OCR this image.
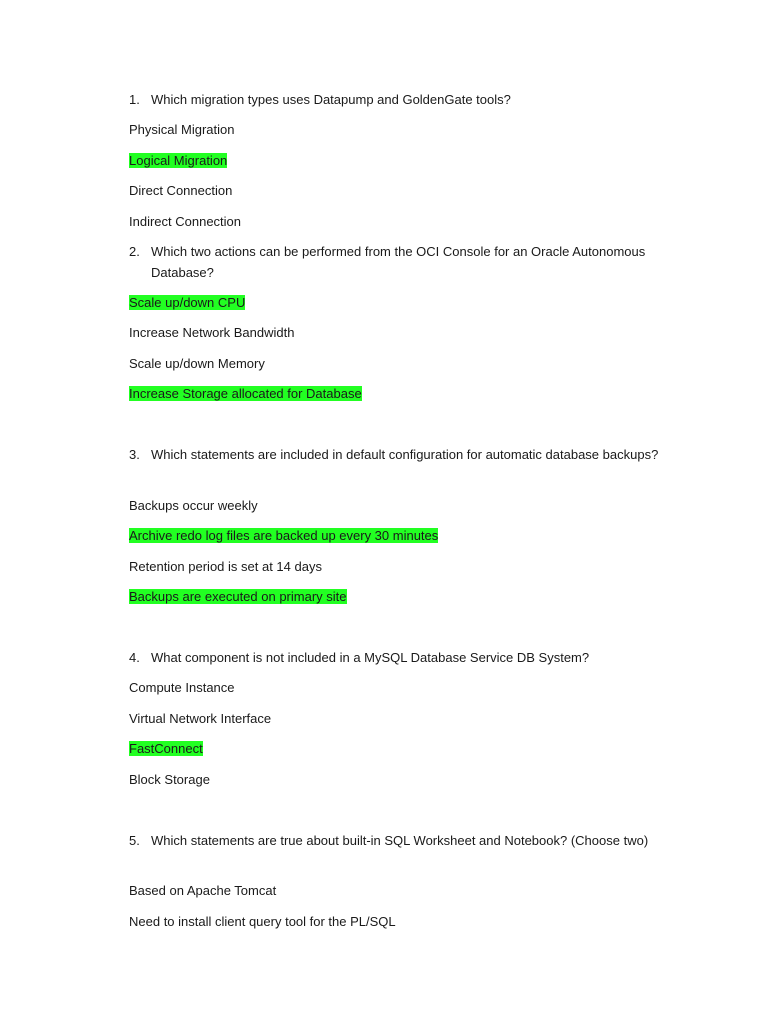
1. Which migration types uses Datapump and GoldenGate tools?
Physical Migration
Logical Migration
Direct Connection
Indirect Connection
2. Which two actions can be performed from the OCI Console for an Oracle Autonomous Database?
Scale up/down CPU
Increase Network Bandwidth
Scale up/down Memory
Increase Storage allocated for Database
3. Which statements are included in default configuration for automatic database backups?
Backups occur weekly
Archive redo log files are backed up every 30 minutes
Retention period is set at 14 days
Backups are executed on primary site
4. What component is not included in a MySQL Database Service DB System?
Compute Instance
Virtual Network Interface
FastConnect
Block Storage
5. Which statements are true about built-in SQL Worksheet and Notebook? (Choose two)
Based on Apache Tomcat
Need to install client query tool for the PL/SQL
